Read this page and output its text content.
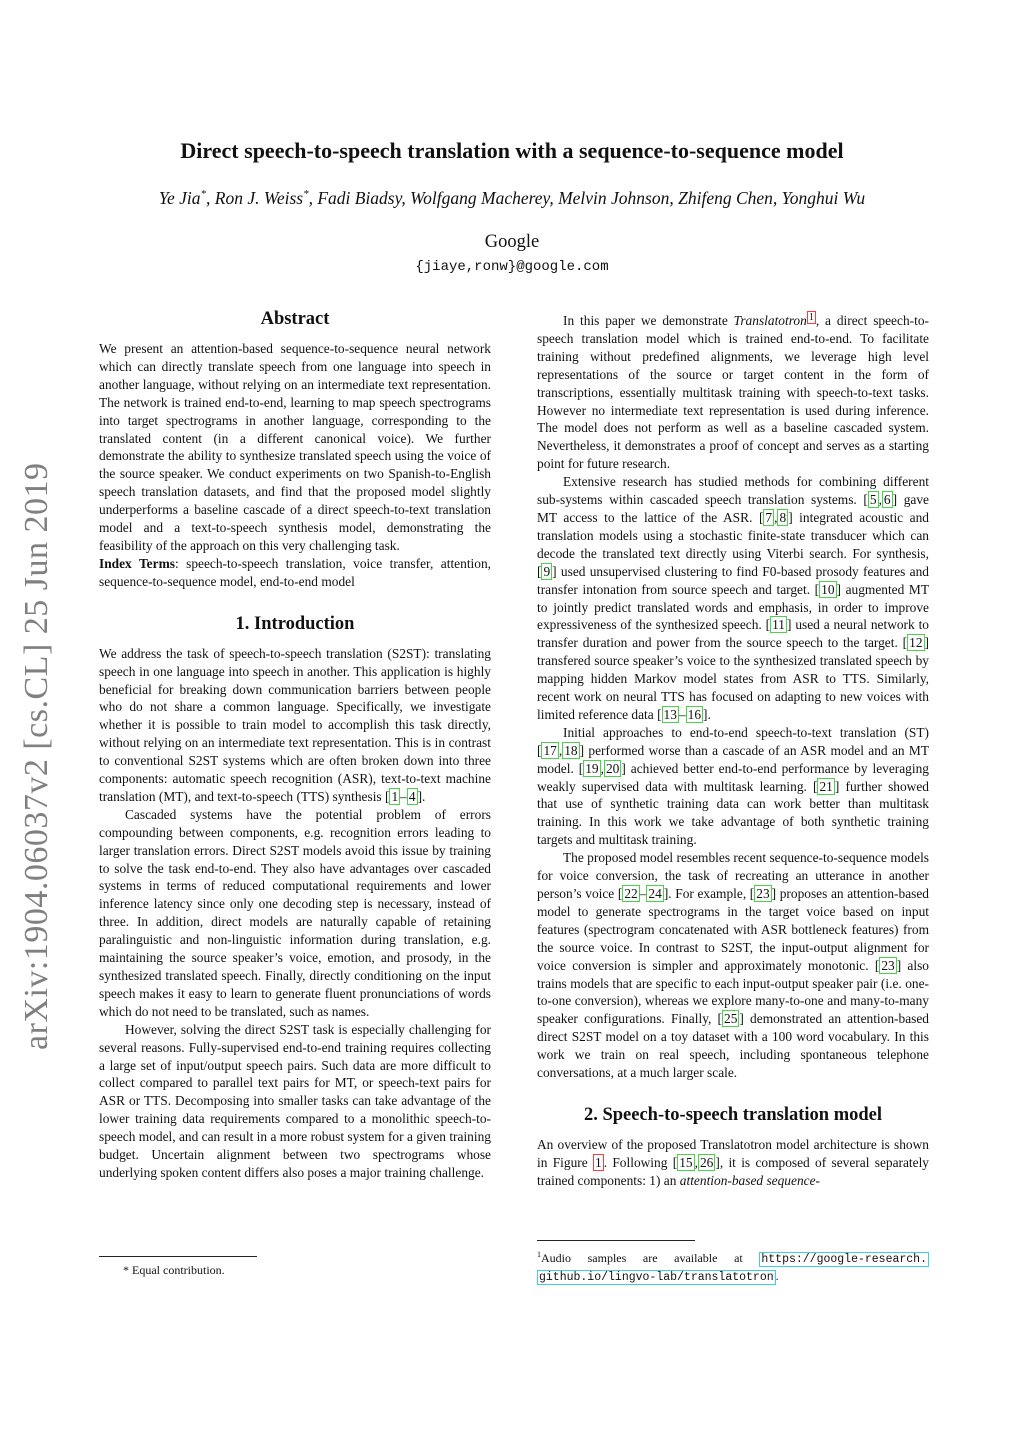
arXiv:1904.06037v2 [cs.CL] 25 Jun 2019
Direct speech-to-speech translation with a sequence-to-sequence model
Ye Jia*, Ron J. Weiss*, Fadi Biadsy, Wolfgang Macherey, Melvin Johnson, Zhifeng Chen, Yonghui Wu
Google
{jiaye,ronw}@google.com
Abstract

We present an attention-based sequence-to-sequence neural network which can directly translate speech from one language into speech in another language, without relying on an intermediate text representation. The network is trained end-to-end, learning to map speech spectrograms into target spectrograms in another language, corresponding to the translated content (in a different canonical voice). We further demonstrate the ability to synthesize translated speech using the voice of the source speaker. We conduct experiments on two Spanish-to-English speech translation datasets, and find that the proposed model slightly underperforms a baseline cascade of a direct speech-to-text translation model and a text-to-speech synthesis model, demonstrating the feasibility of the approach on this very challenging task.

Index Terms: speech-to-speech translation, voice transfer, attention, sequence-to-sequence model, end-to-end model

1. Introduction

We address the task of speech-to-speech translation (S2ST): translating speech in one language into speech in another. This application is highly beneficial for breaking down communication barriers between people who do not share a common language. Specifically, we investigate whether it is possible to train model to accomplish this task directly, without relying on an intermediate text representation. This is in contrast to conventional S2ST systems which are often broken down into three components: automatic speech recognition (ASR), text-to-text machine translation (MT), and text-to-speech (TTS) synthesis [ 1 – 4 ].

Cascaded systems have the potential problem of errors compounding between components, e.g. recognition errors leading to larger translation errors. Direct S2ST models avoid this issue by training to solve the task end-to-end. They also have advantages over cascaded systems in terms of reduced computational requirements and lower inference latency since only one decoding step is necessary, instead of three. In addition, direct models are naturally capable of retaining paralinguistic and non-linguistic information during translation, e.g. maintaining the source speaker’s voice, emotion, and prosody, in the synthesized translated speech. Finally, directly conditioning on the input speech makes it easy to learn to generate fluent pronunciations of words which do not need to be translated, such as names.

However, solving the direct S2ST task is especially challenging for several reasons. Fully-supervised end-to-end training requires collecting a large set of input/output speech pairs. Such data are more difficult to collect compared to parallel text pairs for MT, or speech-text pairs for ASR or TTS. Decomposing into smaller tasks can take advantage of the lower training data requirements compared to a monolithic speech-to-speech model, and can result in a more robust system for a given training budget. Uncertain alignment between two spectrograms whose underlying spoken content differs also poses a major training challenge.

* Equal contribution.

In this paper we demonstrate Translatotron $^1$ , a direct speech-to-speech translation model which is trained end-to-end. To facilitate training without predefined alignments, we leverage high level representations of the source or target content in the form of transcriptions, essentially multitask training with speech-to-text tasks. However no intermediate text representation is used during inference. The model does not perform as well as a baseline cascaded system. Nevertheless, it demonstrates a proof of concept and serves as a starting point for future research.

Extensive research has studied methods for combining different sub-systems within cascaded speech translation systems. [ 5 , 6 ] gave MT access to the lattice of the ASR. [ 7 , 8 ] integrated acoustic and translation models using a stochastic finite-state transducer which can decode the translated text directly using Viterbi search. For synthesis, [ 9 ] used unsupervised clustering to find F0-based prosody features and transfer intonation from source speech and target. [ 10 ] augmented MT to jointly predict translated words and emphasis, in order to improve expressiveness of the synthesized speech. [ 11 ] used a neural network to transfer duration and power from the source speech to the target. [ 12 ] transfered source speaker’s voice to the synthesized translated speech by mapping hidden Markov model states from ASR to TTS. Similarly, recent work on neural TTS has focused on adapting to new voices with limited reference data [ 13 – 16 ].

Initial approaches to end-to-end speech-to-text translation (ST) [ 17 , 18 ] performed worse than a cascade of an ASR model and an MT model. [ 19 , 20 ] achieved better end-to-end performance by leveraging weakly supervised data with multitask learning. [ 21 ] further showed that use of synthetic training data can work better than multitask training. In this work we take advantage of both synthetic training targets and multitask training.

The proposed model resembles recent sequence-to-sequence models for voice conversion, the task of recreating an utterance in another person’s voice [ 22 – 24 ]. For example, [ 23 ] proposes an attention-based model to generate spectrograms in the target voice based on input features (spectrogram concatenated with ASR bottleneck features) from the source voice. In contrast to S2ST, the input-output alignment for voice conversion is simpler and approximately monotonic. [ 23 ] also trains models that are specific to each input-output speaker pair (i.e. one-to-one conversion), whereas we explore many-to-one and many-to-many speaker configurations. Finally, [ 25 ] demonstrated an attention-based direct S2ST model on a toy dataset with a 100 word vocabulary. In this work we train on real speech, including spontaneous telephone conversations, at a much larger scale.

2. Speech-to-speech translation model

An overview of the proposed Translatotron model architecture is shown in Figure 1 . Following [ 15 , 26 ], it is composed of several separately trained components: 1) an attention-based sequence-

$^1$Audio samples are available at https://google-research. github.io/lingvo-lab/translatotron .
